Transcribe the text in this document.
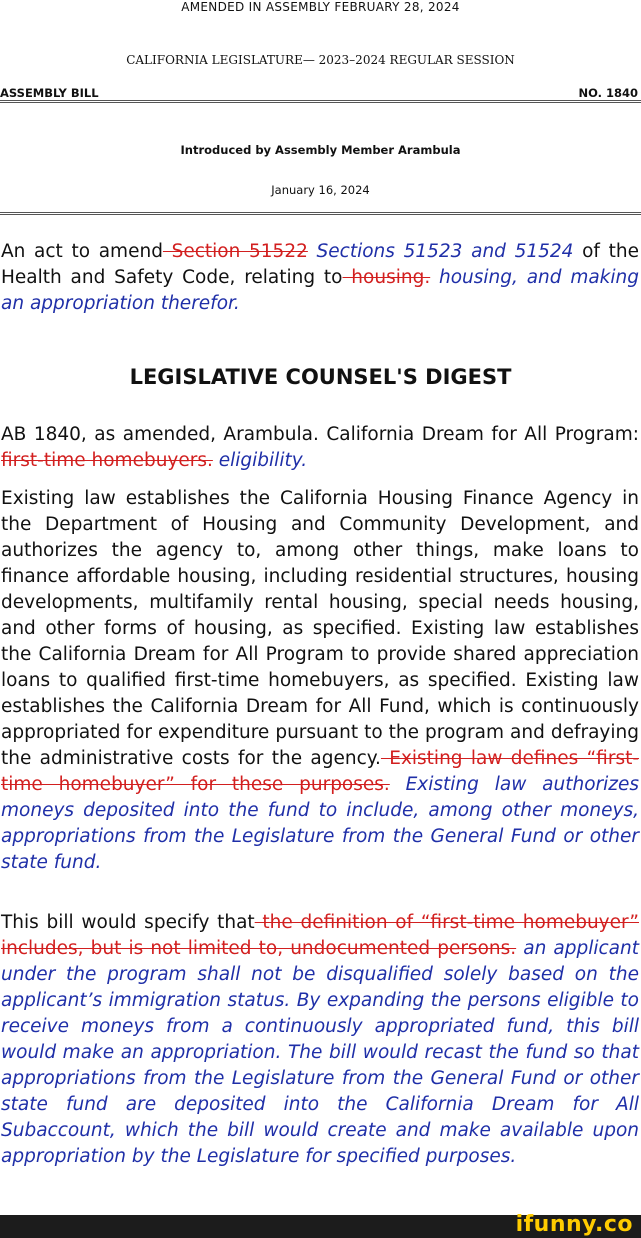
AMENDED IN ASSEMBLY FEBRUARY 28, 2024
CALIFORNIA LEGISLATURE— 2023–2024 REGULAR SESSION
ASSEMBLY BILL	NO. 1840
Introduced by Assembly Member Arambula
January 16, 2024

An act to amend Section 51522 Sections 51523 and 51524 of the Health and Safety Code, relating to housing. housing, and making an appropriation therefor.

LEGISLATIVE COUNSEL'S DIGEST

AB 1840, as amended, Arambula. California Dream for All Program: first-time homebuyers. eligibility.

Existing law establishes the California Housing Finance Agency in the Department of Housing and Community Development, and authorizes the agency to, among other things, make loans to finance affordable housing, including residential structures, housing developments, multifamily rental housing, special needs housing, and other forms of housing, as specified. Existing law establishes the California Dream for All Program to provide shared appreciation loans to qualified first-time homebuyers, as specified. Existing law establishes the California Dream for All Fund, which is continuously appropriated for expenditure pursuant to the program and defraying the administrative costs for the agency. Existing law defines “first-time homebuyer” for these purposes. Existing law authorizes moneys deposited into the fund to include, among other moneys, appropriations from the Legislature from the General Fund or other state fund.

This bill would specify that the definition of “first-time homebuyer” includes, but is not limited to, undocumented persons. an applicant under the program shall not be disqualified solely based on the applicant’s immigration status. By expanding the persons eligible to receive moneys from a continuously appropriated fund, this bill would make an appropriation. The bill would recast the fund so that appropriations from the Legislature from the General Fund or other state fund are deposited into the California Dream for All Subaccount, which the bill would create and make available upon appropriation by the Legislature for specified purposes.

ifunny.co
